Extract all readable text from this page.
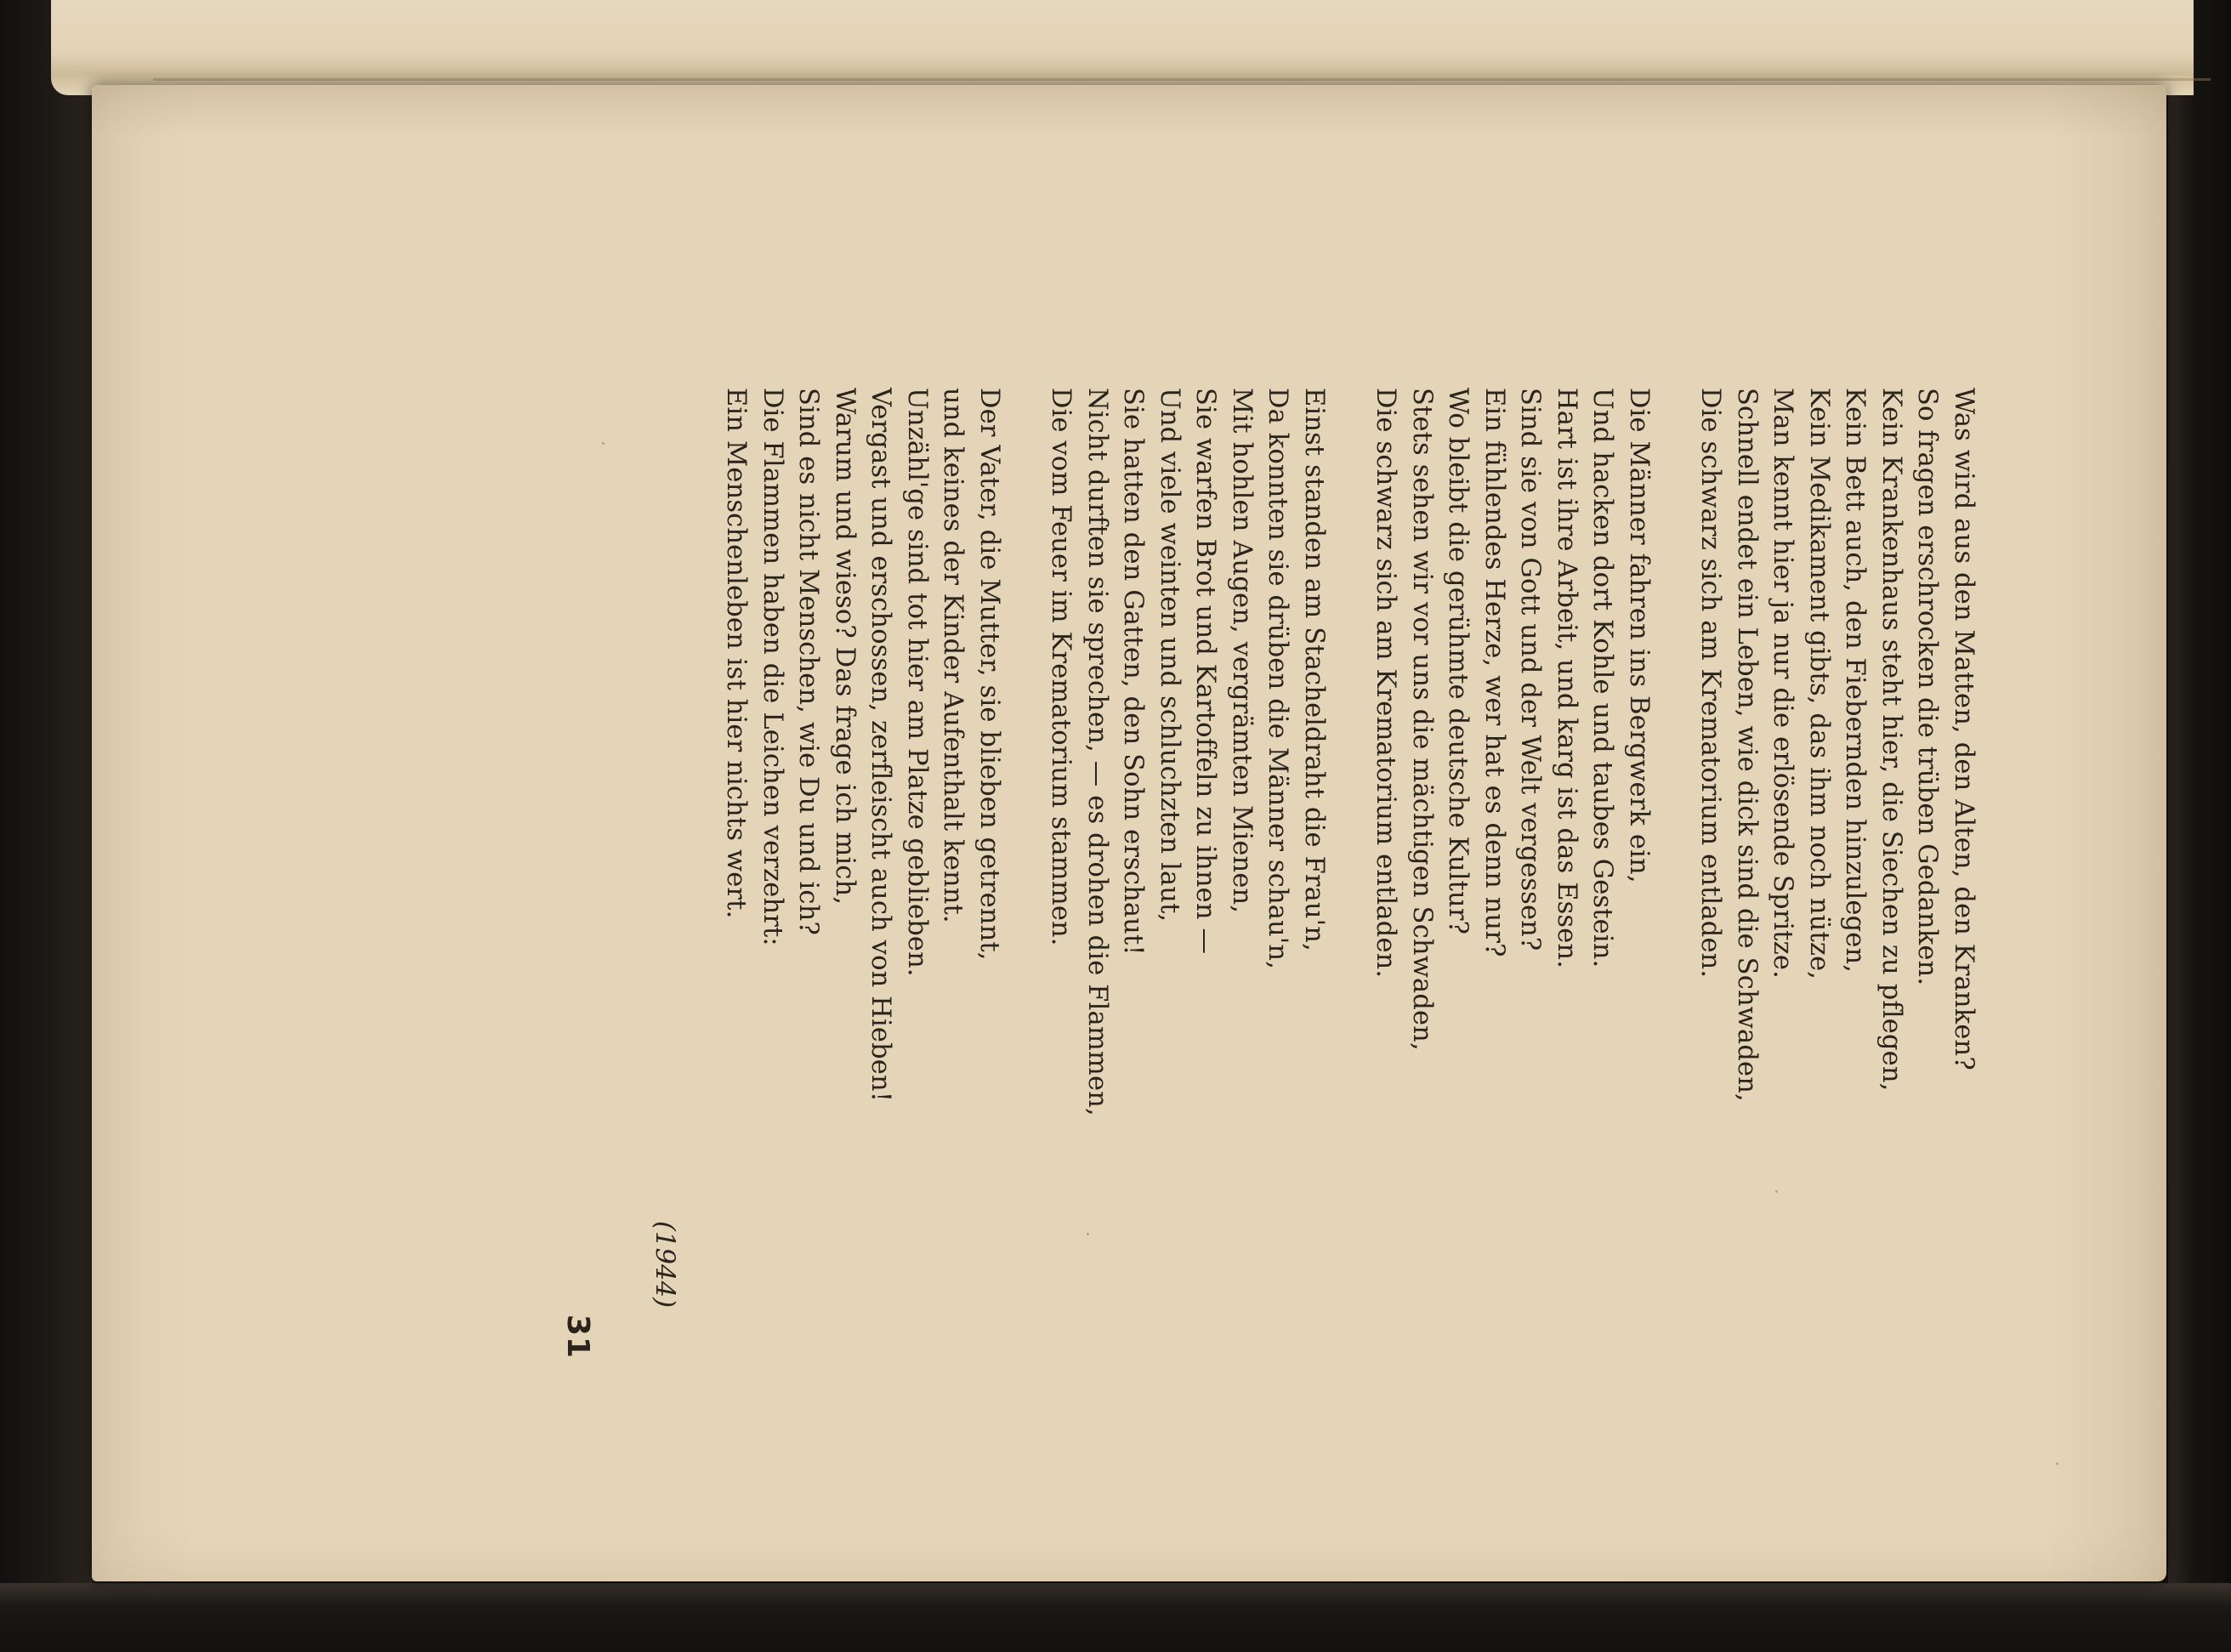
Was wird aus den Matten, den Alten, den Kranken?
So fragen erschrocken die trüben Gedanken.
Kein Krankenhaus steht hier, die Siechen zu pflegen,
Kein Bett auch, den Fiebernden hinzulegen,
Kein Medikament gibts, das ihm noch nütze,
Man kennt hier ja nur die erlösende Spritze.
Schnell endet ein Leben, wie dick sind die Schwaden,
Die schwarz sich am Krematorium entladen.
Die Männer fahren ins Bergwerk ein,
Und hacken dort Kohle und taubes Gestein.
Hart ist ihre Arbeit, und karg ist das Essen.
Sind sie von Gott und der Welt vergessen?
Ein fühlendes Herze, wer hat es denn nur?
Wo bleibt die gerühmte deutsche Kultur?
Stets sehen wir vor uns die mächtigen Schwaden,
Die schwarz sich am Krematorium entladen.
Einst standen am Stacheldraht die Frau'n,
Da konnten sie drüben die Männer schau'n,
Mit hohlen Augen, vergrämten Mienen,
Sie warfen Brot und Kartoffeln zu ihnen —
Und viele weinten und schluchzten laut,
Sie hatten den Gatten, den Sohn erschaut!
Nicht durften sie sprechen, — es drohen die Flammen,
Die vom Feuer im Krematorium stammen.
Der Vater, die Mutter, sie blieben getrennt,
und keines der Kinder Aufenthalt kennt.
Unzähl'ge sind tot hier am Platze geblieben.
Vergast und erschossen, zerfleischt auch von Hieben!
Warum und wieso? Das frage ich mich,
Sind es nicht Menschen, wie Du und ich?
Die Flammen haben die Leichen verzehrt:
Ein Menschenleben ist hier nichts wert.
(1944)
31
